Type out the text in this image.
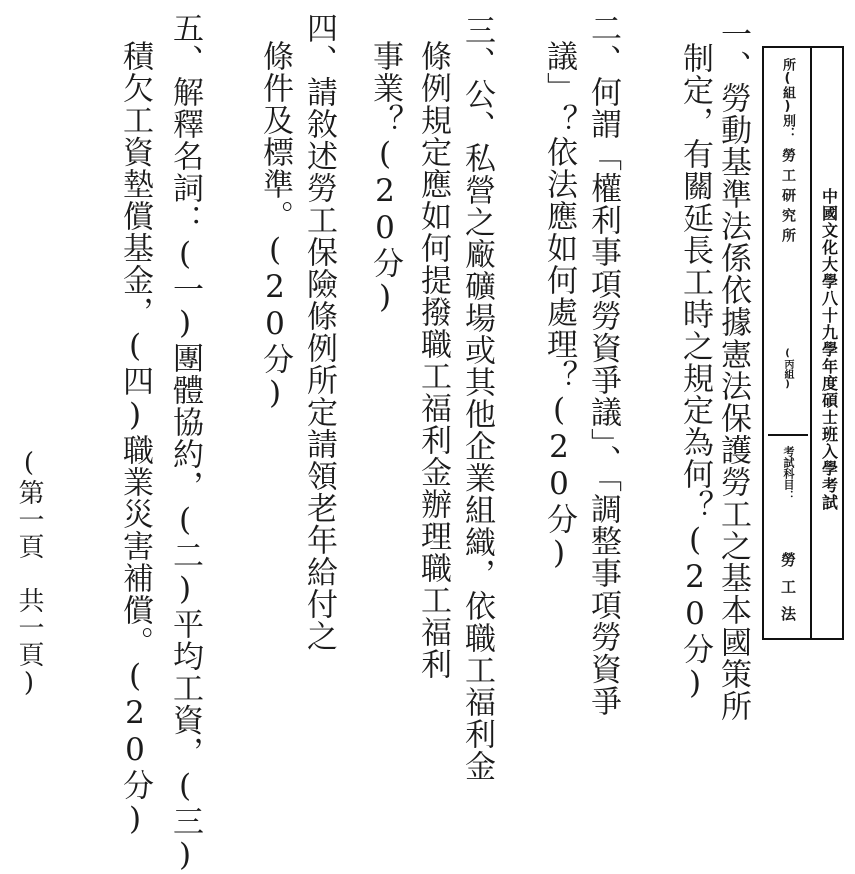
中國文化大學八十九學年度碩士班入學考試
所(組)別：
勞工研究所
(丙組)
考試科目：
勞工法
一、勞動基準法係依據憲法保護勞工之基本國策所
制定，有關延長工時之規定為何？(20分)
二、何謂「權利事項勞資爭議」、「調整事項勞資爭
議」？依法應如何處理？(20分)
三、公、私營之廠礦場或其他企業組織，依職工福利金
條例規定應如何提撥職工福利金辦理職工福利
事業？(20分)
四、請敘述勞工保險條例所定請領老年給付之
條件及標準。(20分)
五、解釋名詞：(一)團體協約，(二)平均工資，(三)
積欠工資墊償基金，(四)職業災害補償。(20分)
(第一頁　共一頁)
